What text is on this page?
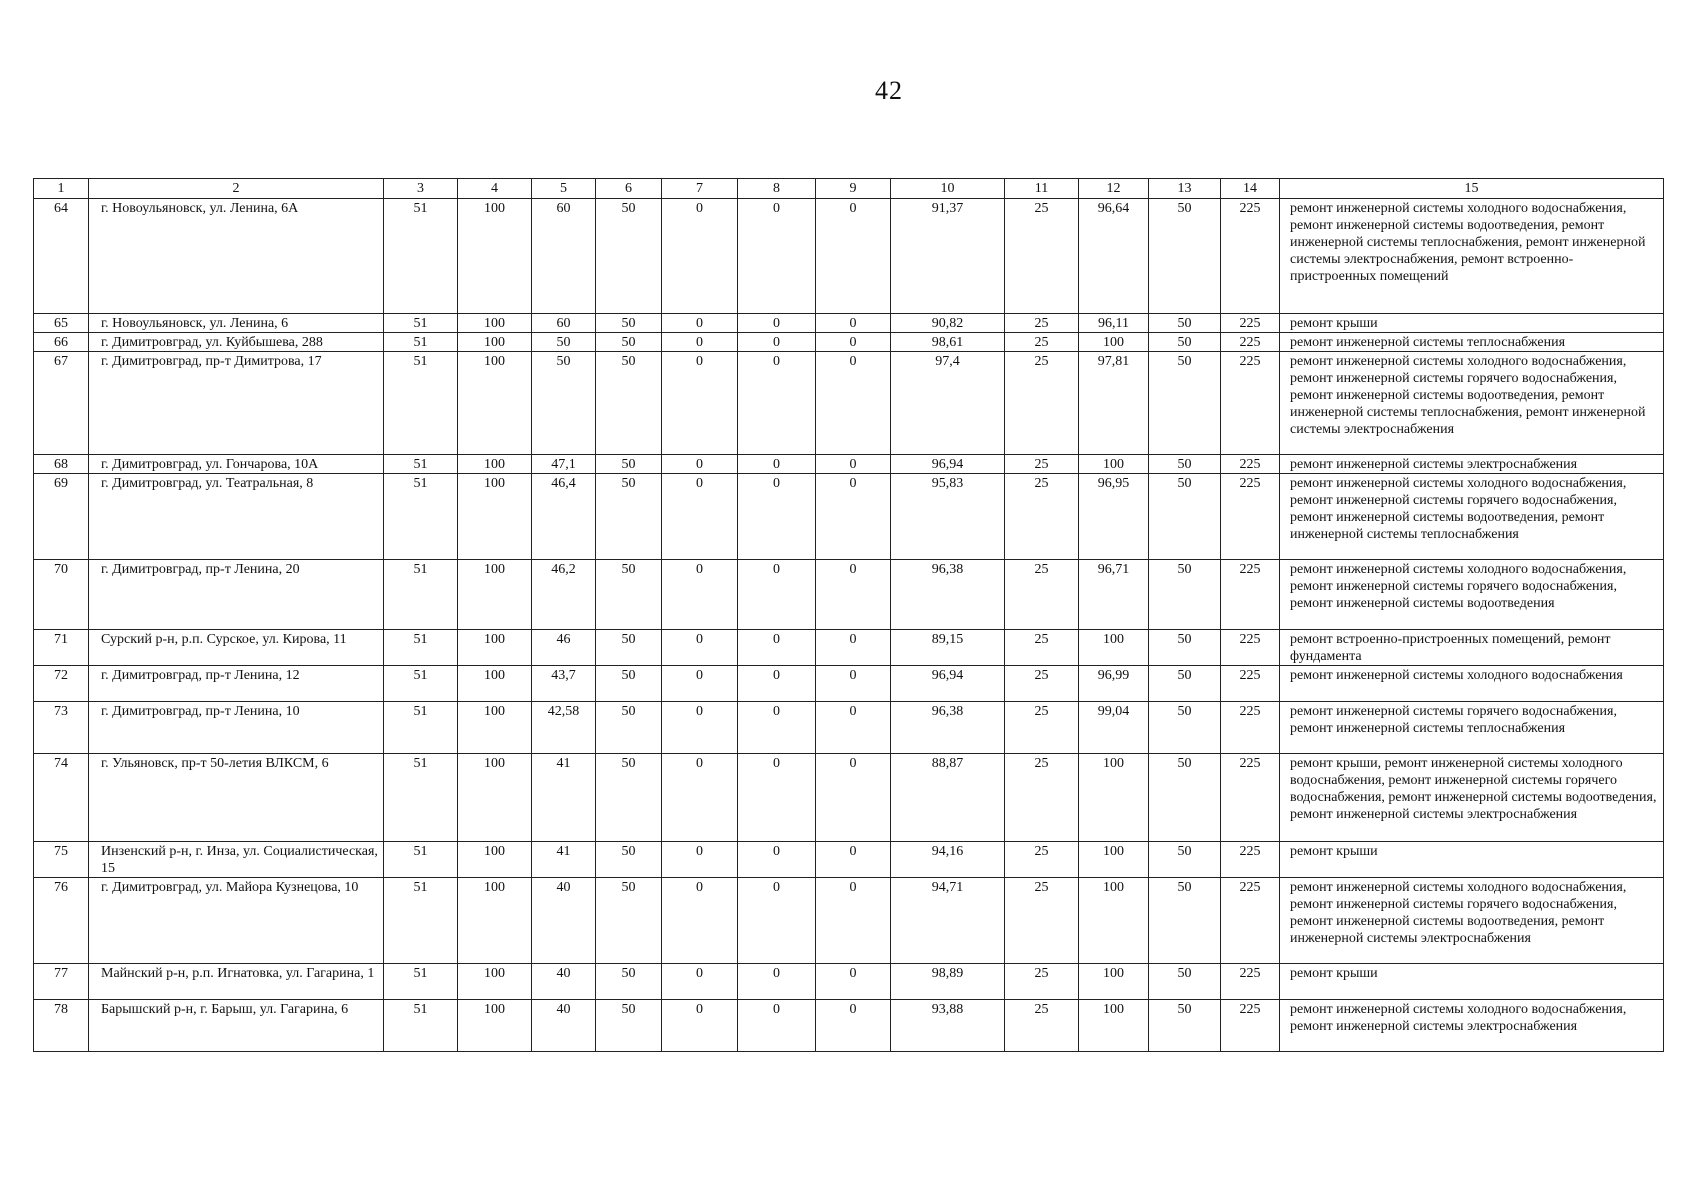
42
1	2	3	4	5	6	7	8	9	10	11	12	13	14	15
64	г. Новоульяновск, ул. Ленина, 6А	51	100	60	50	0	0	0	91,37	25	96,64	50	225	ремонт инженерной системы холодного водоснабжения, ремонт инженерной системы водоотведения, ремонт инженерной системы теплоснабжения, ремонт инженерной системы электроснабжения, ремонт встроенно-пристроенных помещений
65	г. Новоульяновск, ул. Ленина, 6	51	100	60	50	0	0	0	90,82	25	96,11	50	225	ремонт крыши
66	г. Димитровград, ул. Куйбышева, 288	51	100	50	50	0	0	0	98,61	25	100	50	225	ремонт инженерной системы теплоснабжения
67	г. Димитровград, пр-т Димитрова, 17	51	100	50	50	0	0	0	97,4	25	97,81	50	225	ремонт инженерной системы холодного водоснабжения, ремонт инженерной системы горячего водоснабжения, ремонт инженерной системы водоотведения, ремонт инженерной системы теплоснабжения, ремонт инженерной системы электроснабжения
68	г. Димитровград, ул. Гончарова, 10А	51	100	47,1	50	0	0	0	96,94	25	100	50	225	ремонт инженерной системы электроснабжения
69	г. Димитровград, ул. Театральная, 8	51	100	46,4	50	0	0	0	95,83	25	96,95	50	225	ремонт инженерной системы холодного водоснабжения, ремонт инженерной системы горячего водоснабжения, ремонт инженерной системы водоотведения, ремонт инженерной системы теплоснабжения
70	г. Димитровград, пр-т Ленина, 20	51	100	46,2	50	0	0	0	96,38	25	96,71	50	225	ремонт инженерной системы холодного водоснабжения, ремонт инженерной системы горячего водоснабжения, ремонт инженерной системы водоотведения
71	Сурский р-н, р.п. Сурское, ул. Кирова, 11	51	100	46	50	0	0	0	89,15	25	100	50	225	ремонт встроенно-пристроенных помещений, ремонт фундамента
72	г. Димитровград, пр-т Ленина, 12	51	100	43,7	50	0	0	0	96,94	25	96,99	50	225	ремонт инженерной системы холодного водоснабжения
73	г. Димитровград, пр-т Ленина, 10	51	100	42,58	50	0	0	0	96,38	25	99,04	50	225	ремонт инженерной системы горячего водоснабжения, ремонт инженерной системы теплоснабжения
74	г. Ульяновск, пр-т 50-летия ВЛКСМ, 6	51	100	41	50	0	0	0	88,87	25	100	50	225	ремонт крыши, ремонт инженерной системы холодного водоснабжения, ремонт инженерной системы горячего водоснабжения, ремонт инженерной системы водоотведения, ремонт инженерной системы электроснабжения
75	Инзенский р-н, г. Инза, ул. Социалистическая, 15	51	100	41	50	0	0	0	94,16	25	100	50	225	ремонт крыши
76	г. Димитровград, ул. Майора Кузнецова, 10	51	100	40	50	0	0	0	94,71	25	100	50	225	ремонт инженерной системы холодного водоснабжения, ремонт инженерной системы горячего водоснабжения, ремонт инженерной системы водоотведения, ремонт инженерной системы электроснабжения
77	Майнский р-н, р.п. Игнатовка, ул. Гагарина, 1	51	100	40	50	0	0	0	98,89	25	100	50	225	ремонт крыши
78	Барышский р-н, г. Барыш, ул. Гагарина, 6	51	100	40	50	0	0	0	93,88	25	100	50	225	ремонт инженерной системы холодного водоснабжения, ремонт инженерной системы электроснабжения
